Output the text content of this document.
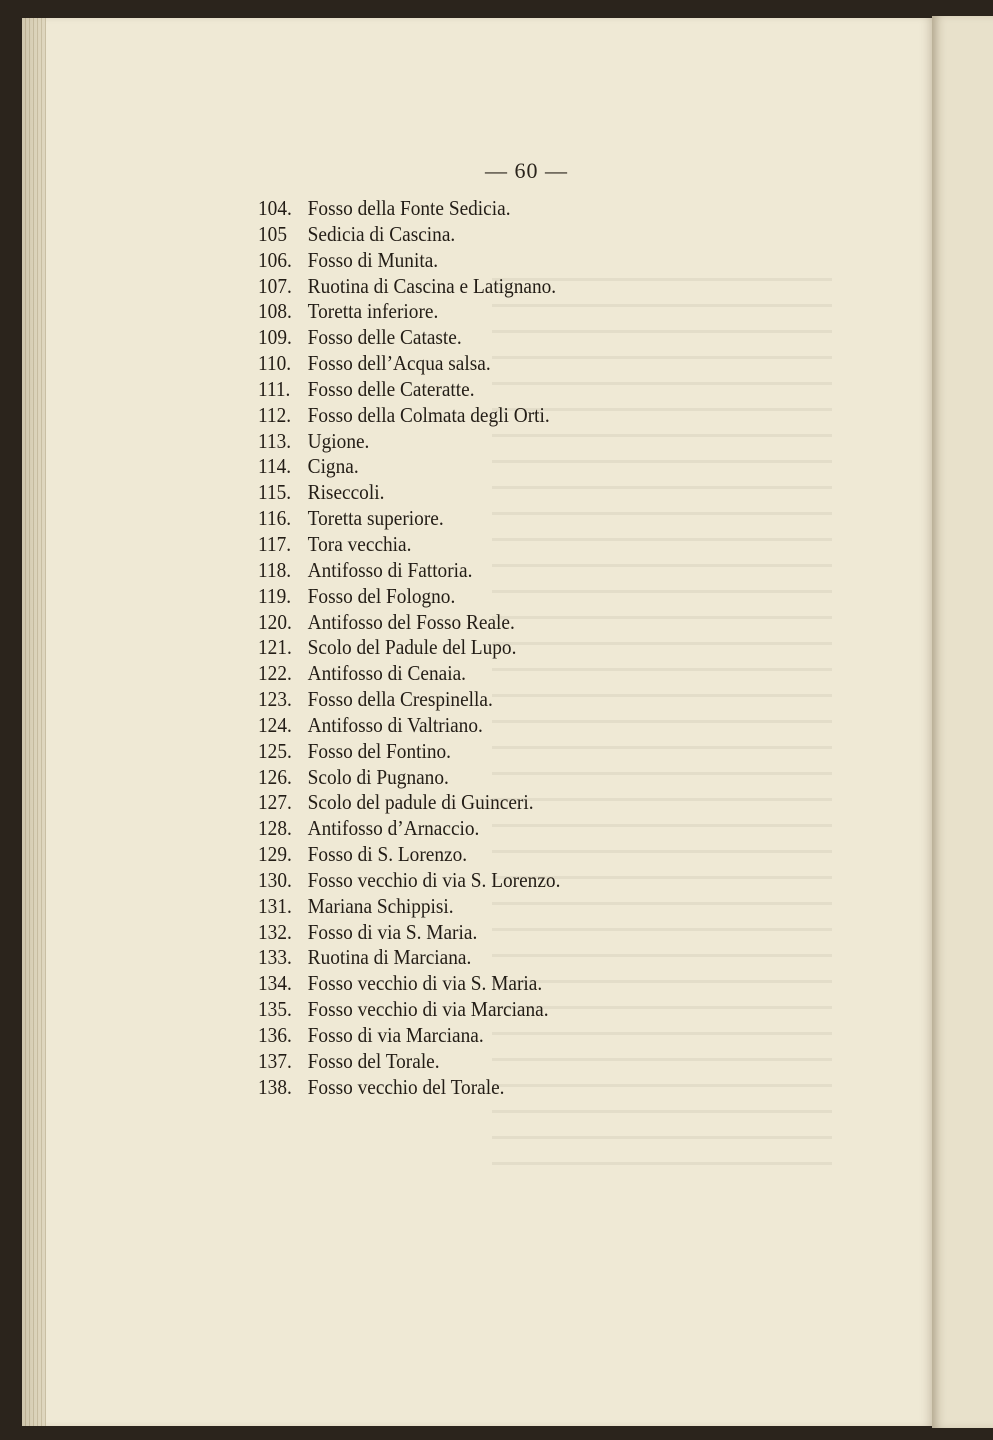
— 60 —
104. Fosso della Fonte Sedicia.
105 Sedicia di Cascina.
106. Fosso di Munita.
107. Ruotina di Cascina e Latignano.
108. Toretta inferiore.
109. Fosso delle Cataste.
110. Fosso dell’Acqua salsa.
111. Fosso delle Cateratte.
112. Fosso della Colmata degli Orti.
113. Ugione.
114. Cigna.
115. Riseccoli.
116. Toretta superiore.
117. Tora vecchia.
118. Antifosso di Fattoria.
119. Fosso del Fologno.
120. Antifosso del Fosso Reale.
121. Scolo del Padule del Lupo.
122. Antifosso di Cenaia.
123. Fosso della Crespinella.
124. Antifosso di Valtriano.
125. Fosso del Fontino.
126. Scolo di Pugnano.
127. Scolo del padule di Guinceri.
128. Antifosso d’Arnaccio.
129. Fosso di S. Lorenzo.
130. Fosso vecchio di via S. Lorenzo.
131. Mariana Schippisi.
132. Fosso di via S. Maria.
133. Ruotina di Marciana.
134. Fosso vecchio di via S. Maria.
135. Fosso vecchio di via Marciana.
136. Fosso di via Marciana.
137. Fosso del Torale.
138. Fosso vecchio del Torale.
